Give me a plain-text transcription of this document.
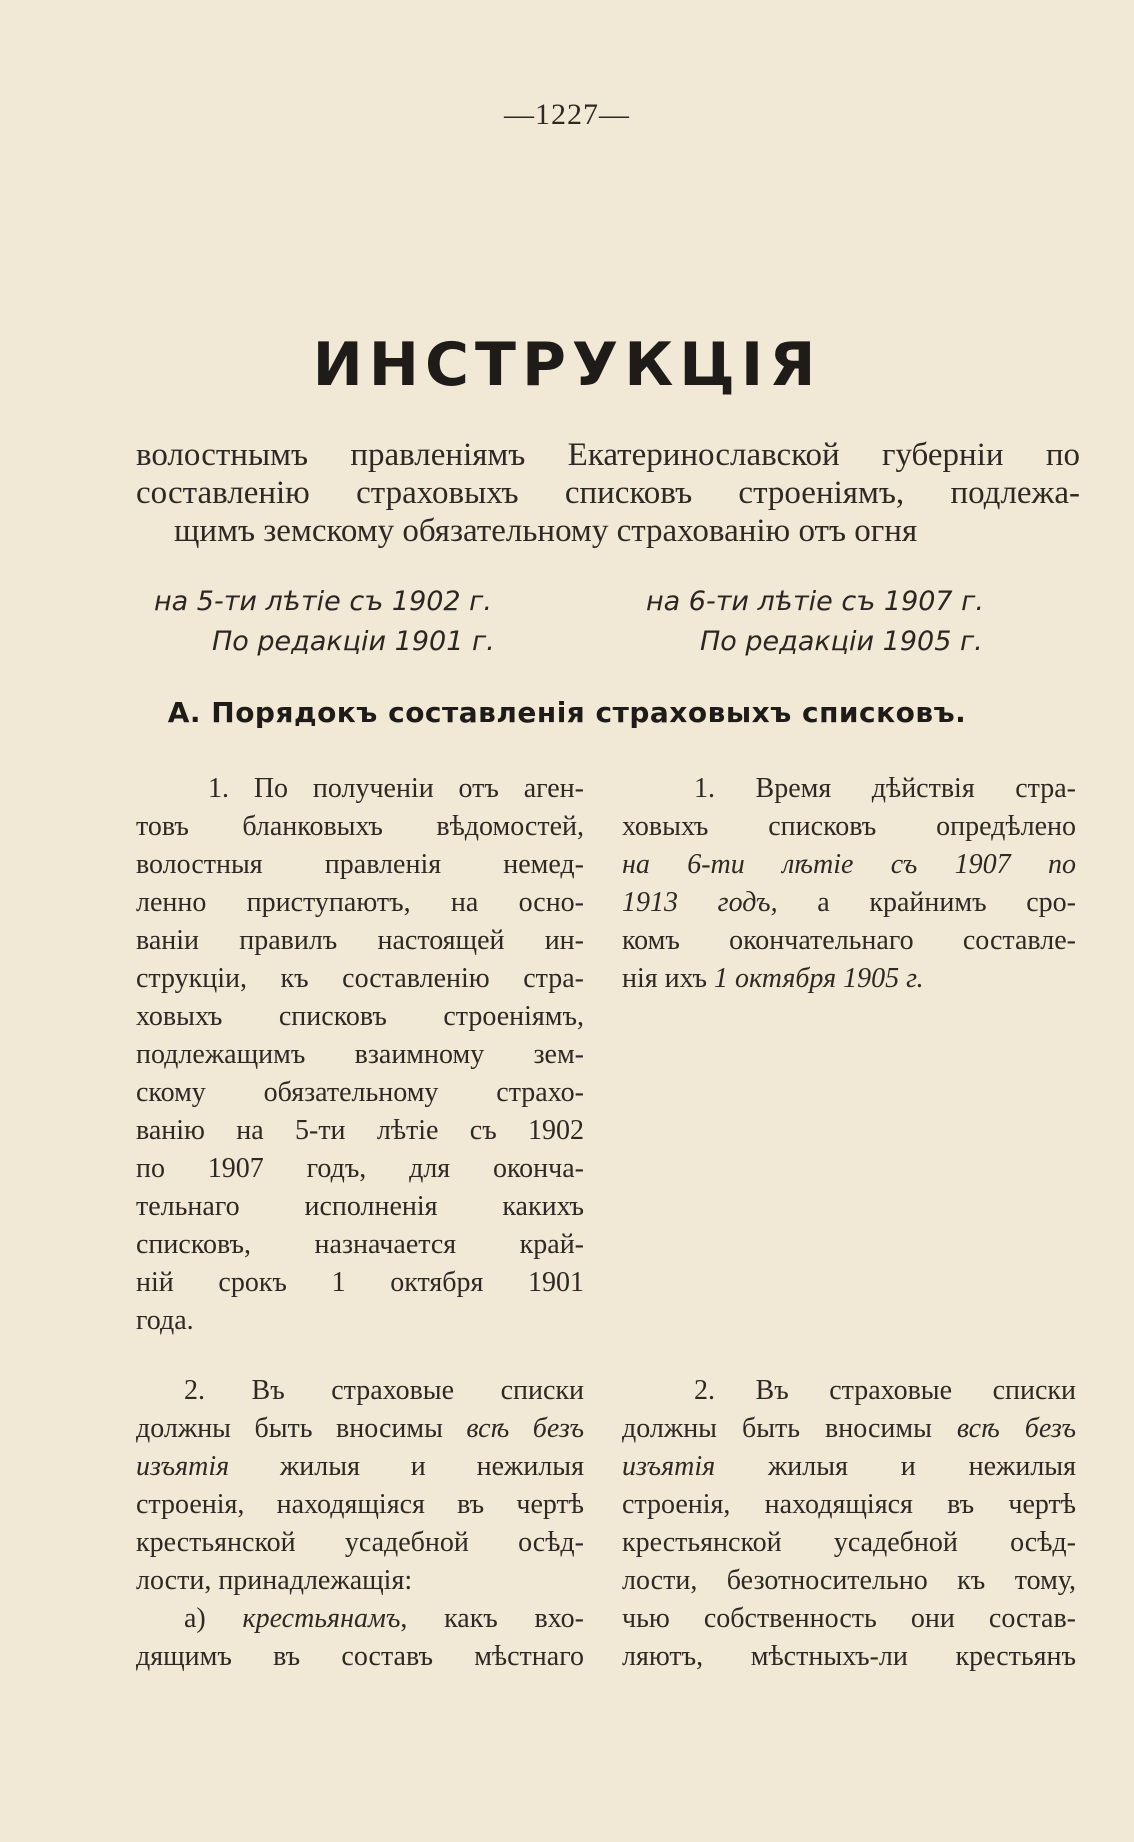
—1227—
ИНСТРУКЦІЯ
волостнымъ правленіямъ Екатеринославской губерніи по
составленію страховыхъ списковъ строеніямъ, подлежа-
щимъ земскому обязательному страхованію отъ огня
на 5-ти лѣтіе съ 1902 г.
По редакціи 1901 г.
на 6-ти лѣтіе съ 1907 г.
По редакціи 1905 г.
А. Порядокъ составленія страховыхъ списковъ.
1. По полученіи отъ аген-
товъ бланковыхъ вѣдомостей,
волостныя правленія немед-
ленно приступаютъ, на осно-
ваніи правилъ настоящей ин-
струкціи, къ составленію стра-
ховыхъ списковъ строеніямъ,
подлежащимъ взаимному зем-
скому обязательному страхо-
ванію на 5-ти лѣтіе съ 1902
по 1907 годъ, для оконча-
тельнаго исполненія какихъ
списковъ, назначается край-
ній срокъ 1 октября 1901
года.
1. Время дѣйствія стра-
ховыхъ списковъ опредѣлено
на 6-ти лѣтіе съ 1907 по
1913 годъ, а крайнимъ сро-
комъ окончательнаго составле-
нія ихъ 1 октября 1905 г.
2. Въ страховые списки
должны быть вносимы всѣ безъ
изъятія жилыя и нежилыя
строенія, находящіяся въ чертѣ
крестьянской усадебной осѣд-
лости, принадлежащія:
а) крестьянамъ, какъ вхо-
дящимъ въ составъ мѣстнаго
2. Въ страховые списки
должны быть вносимы всѣ безъ
изъятія жилыя и нежилыя
строенія, находящіяся въ чертѣ
крестьянской усадебной осѣд-
лости, безотносительно къ тому,
чью собственность они состав-
ляютъ, мѣстныхъ-ли крестьянъ
